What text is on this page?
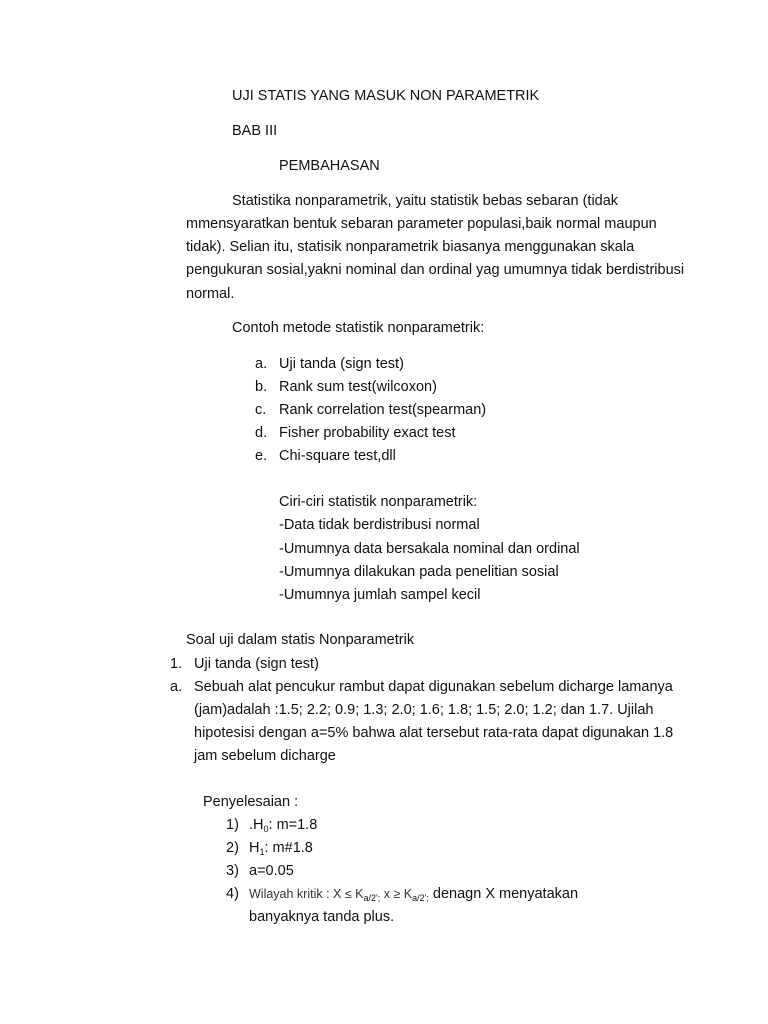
UJI STATIS YANG MASUK NON PARAMETRIK
BAB III
PEMBAHASAN
Statistika nonparametrik, yaitu statistik bebas sebaran (tidak
mmensyaratkan bentuk sebaran parameter populasi,baik normal maupun
tidak). Selian itu, statisik nonparametrik biasanya menggunakan skala
pengukuran sosial,yakni nominal dan ordinal yag umumnya tidak berdistribusi
normal.
Contoh metode statistik nonparametrik:
a. Uji tanda (sign test)
b. Rank sum test(wilcoxon)
c. Rank correlation test(spearman)
d. Fisher probability exact test
e. Chi-square test,dll
Ciri-ciri statistik nonparametrik:
-Data tidak berdistribusi normal
-Umumnya data bersakala nominal dan ordinal
-Umumnya dilakukan pada penelitian sosial
-Umumnya jumlah sampel kecil
Soal uji dalam statis Nonparametrik
1. Uji tanda (sign test)
a. Sebuah alat pencukur rambut dapat digunakan sebelum dicharge lamanya
(jam)adalah :1.5; 2.2; 0.9; 1.3; 2.0; 1.6; 1.8; 1.5; 2.0; 1.2; dan 1.7. Ujilah
hipotesisi dengan a=5% bahwa alat tersebut rata-rata dapat digunakan 1.8
jam sebelum dicharge
Penyelesaian :
1) $.H_0$: m=1.8
2) $H_1$: m#1.8
3) a=0.05
4) Wilayah kritik : $X \le K_{a/2';}$ $x \ge K_{a/2';}$ denagn X menyatakan
banyaknya tanda plus.
